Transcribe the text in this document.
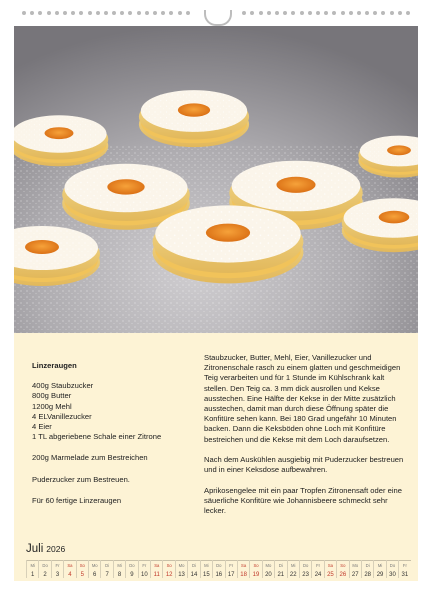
Linzeraugen
400g Staubzucker
800g Butter
1200g Mehl
4 ELVanillezucker
4 Eier
1 TL abgeriebene Schale einer Zitrone
200g Marmelade zum Bestreichen
Puderzucker zum Bestreuen.
Für 60 fertige Linzeraugen

Staubzucker, Butter, Mehl, Eier, Vanillezucker und Zitronenschale rasch zu einem glatten und geschmeidigen Teig verarbeiten und für 1 Stunde im Kühlschrank kalt stellen. Den Teig ca. 3 mm dick ausrollen und Kekse ausstechen. Eine Hälfte der Kekse in der Mitte zusätzlich ausstechen, damit man durch diese Öffnung später die Konfitüre sehen kann. Bei 180 Grad ungefähr 10 Minuten backen. Dann die Keksböden ohne Loch mit Konfitüre bestreichen und die Kekse mit dem Loch daraufsetzen.

Nach dem Auskühlen ausgiebig mit Puderzucker bestreuen und in einer Keksdose aufbewahren.

Aprikosengelee mit ein paar Tropfen Zitronensaft oder eine säuerliche Konfitüre wie Johannisbeere schmeckt sehr lecker.

Juli 2026
Mi
1
Do
2
Fr
3
Sa
4
So
5
Mo
6
Di
7
Mi
8
Do
9
Fr
10
Sa
11
So
12
Mo
13
Di
14
Mi
15
Do
16
Fr
17
Sa
18
So
19
Mo
20
Di
21
Mi
22
Do
23
Fr
24
Sa
25
So
26
Mo
27
Di
28
Mi
29
Do
30
Fr
31
